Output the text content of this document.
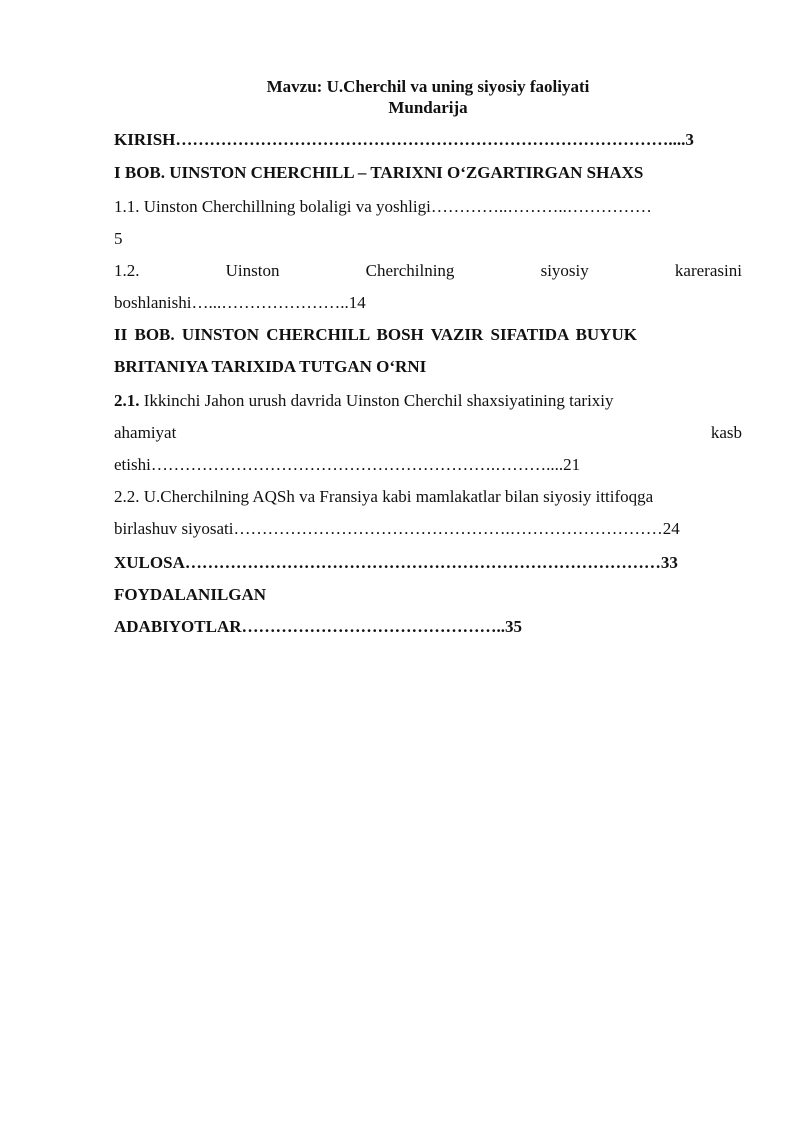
Mavzu: U.Cherchil va uning siyosiy faoliyati

Mundarija

KIRISH……………………………………………………………………………....3

I BOB. UINSTON CHERCHILL – TARIXNI O‘ZGARTIRGAN SHAXS

1.1. Uinston Cherchillning bolaligi va yoshligi…………..………..……………

5

1.2.	Uinston	Cherchilning	siyosiy	karerasini

boshlanishi…...…………………..14

II BOB. UINSTON CHERCHILL BOSH VAZIR SIFATIDA BUYUK

BRITANIYA TARIXIDA TUTGAN O‘RNI

2.1. Ikkinchi Jahon urush davrida Uinston Cherchil shaxsiyatining tarixiy

ahamiyat	kasb

etishi…………………………………………………….………....21

2.2. U.Cherchilning AQSh va Fransiya kabi mamlakatlar bilan siyosiy ittifoqga

birlashuv siyosati………………………………………….………………………24

XULOSA…………………………………………………………………………33

FOYDALANILGAN

ADABIYOTLAR………………………………………..35
